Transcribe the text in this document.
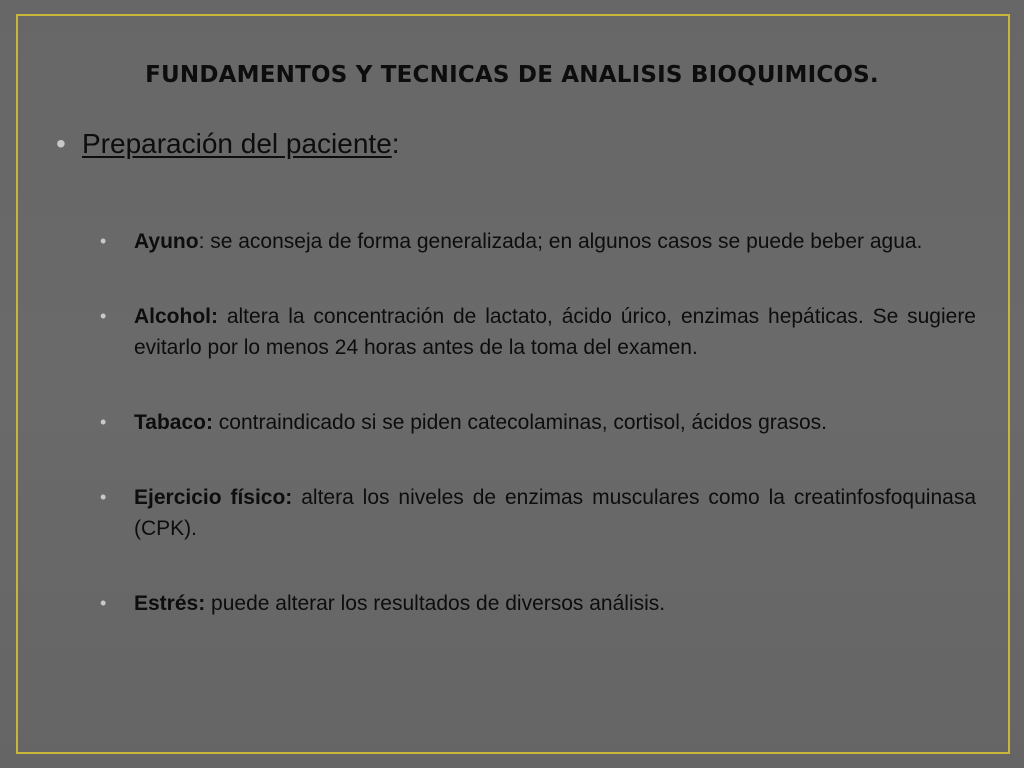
FUNDAMENTOS Y TECNICAS DE ANALISIS BIOQUIMICOS.
• Preparación del paciente:
• Ayuno: se aconseja de forma generalizada; en algunos casos se puede beber agua.
• Alcohol: altera la concentración de lactato, ácido úrico, enzimas hepáticas. Se sugiere evitarlo por lo menos 24 horas antes de la toma del examen.
• Tabaco: contraindicado si se piden catecolaminas, cortisol, ácidos grasos.
• Ejercicio físico: altera los niveles de enzimas musculares como la creatinfosfoquinasa (CPK).
• Estrés: puede alterar los resultados de diversos análisis.
